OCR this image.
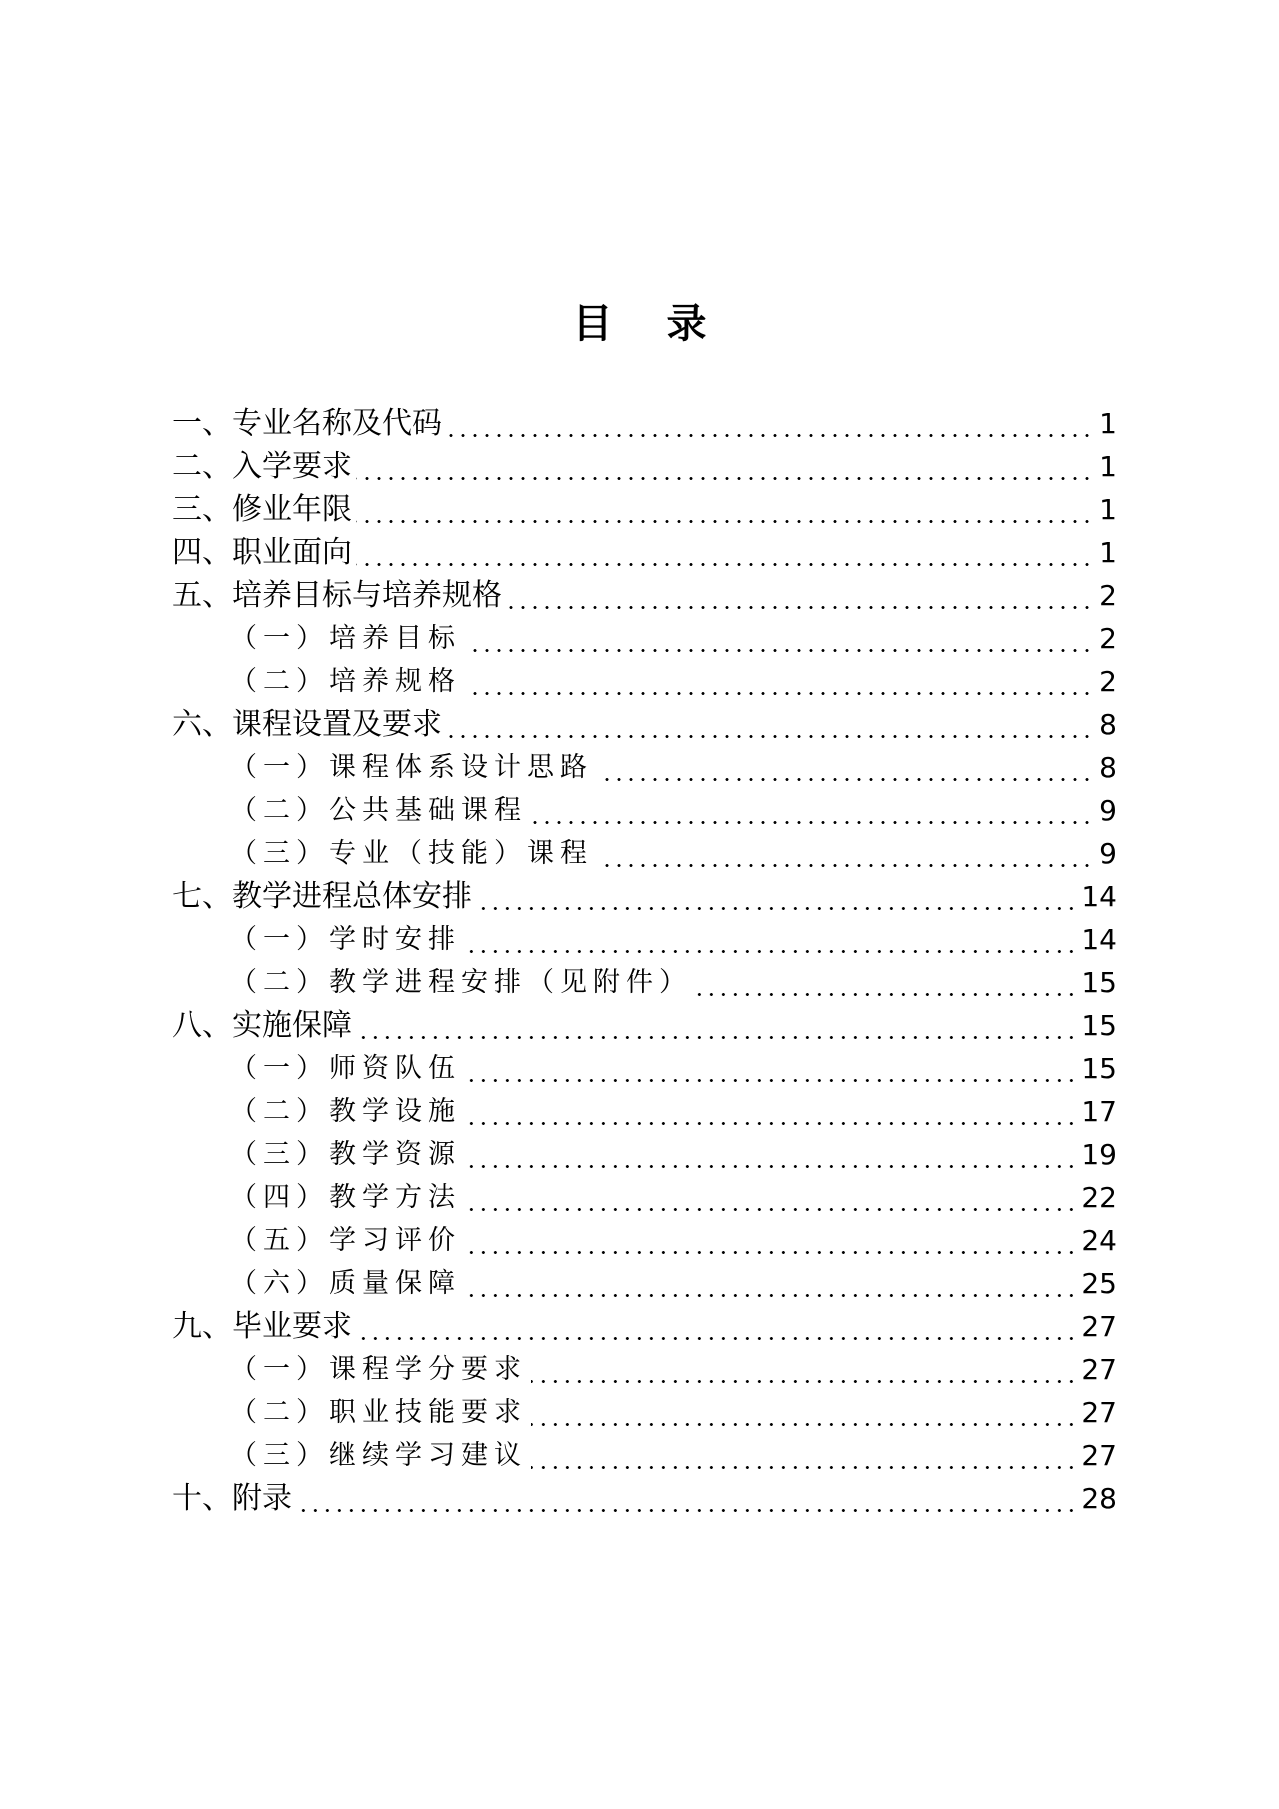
目 录
一、专业名称及代码	1
二、入学要求	1
三、修业年限	1
四、职业面向	1
五、培养目标与培养规格	2
（一）培养目标	2
（二）培养规格	2
六、课程设置及要求	8
（一）课程体系设计思路	8
（二）公共基础课程	9
（三）专业（技能）课程	9
七、教学进程总体安排	14
（一）学时安排	14
（二）教学进程安排（见附件）	15
八、实施保障	15
（一）师资队伍	15
（二）教学设施	17
（三）教学资源	19
（四）教学方法	22
（五）学习评价	24
（六）质量保障	25
九、毕业要求	27
（一）课程学分要求	27
（二）职业技能要求	27
（三）继续学习建议	27
十、附录	28
